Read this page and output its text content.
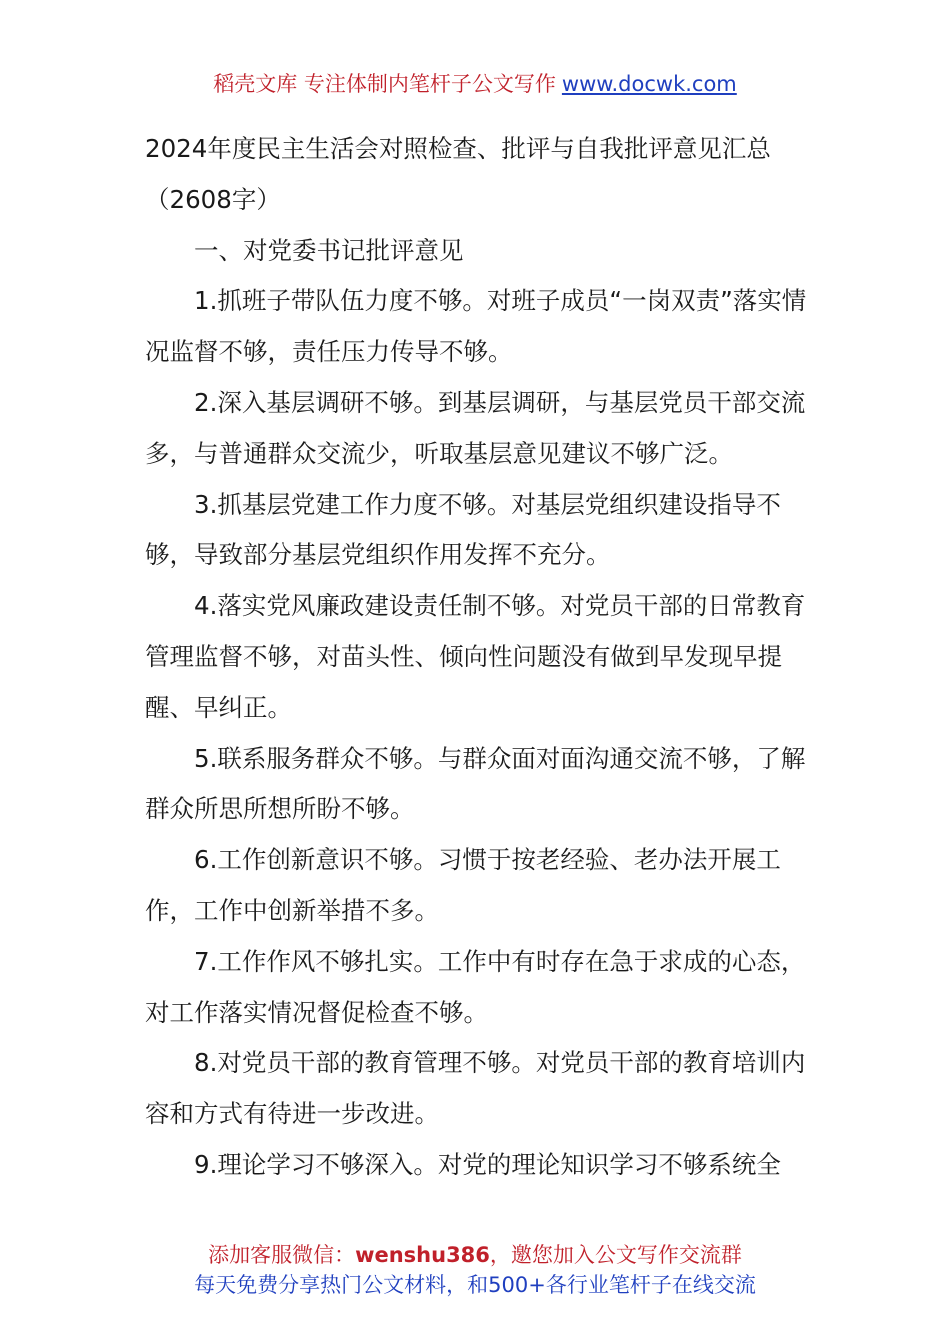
稻壳文库 专注体制内笔杆子公文写作 www.docwk.com

2024年度民主生活会对照检查、批评与自我批评意见汇总（2608字）

一、对党委书记批评意见

1.抓班子带队伍力度不够。对班子成员“一岗双责”落实情况监督不够，责任压力传导不够。

2.深入基层调研不够。到基层调研，与基层党员干部交流多，与普通群众交流少，听取基层意见建议不够广泛。

3.抓基层党建工作力度不够。对基层党组织建设指导不够，导致部分基层党组织作用发挥不充分。

4.落实党风廉政建设责任制不够。对党员干部的日常教育管理监督不够，对苗头性、倾向性问题没有做到早发现早提醒、早纠正。

5.联系服务群众不够。与群众面对面沟通交流不够，了解群众所思所想所盼不够。

6.工作创新意识不够。习惯于按老经验、老办法开展工作，工作中创新举措不多。

7.工作作风不够扎实。工作中有时存在急于求成的心态，对工作落实情况督促检查不够。

8.对党员干部的教育管理不够。对党员干部的教育培训内容和方式有待进一步改进。

9.理论学习不够深入。对党的理论知识学习不够系统全

添加客服微信：wenshu386，邀您加入公文写作交流群
每天免费分享热门公文材料，和500+各行业笔杆子在线交流
